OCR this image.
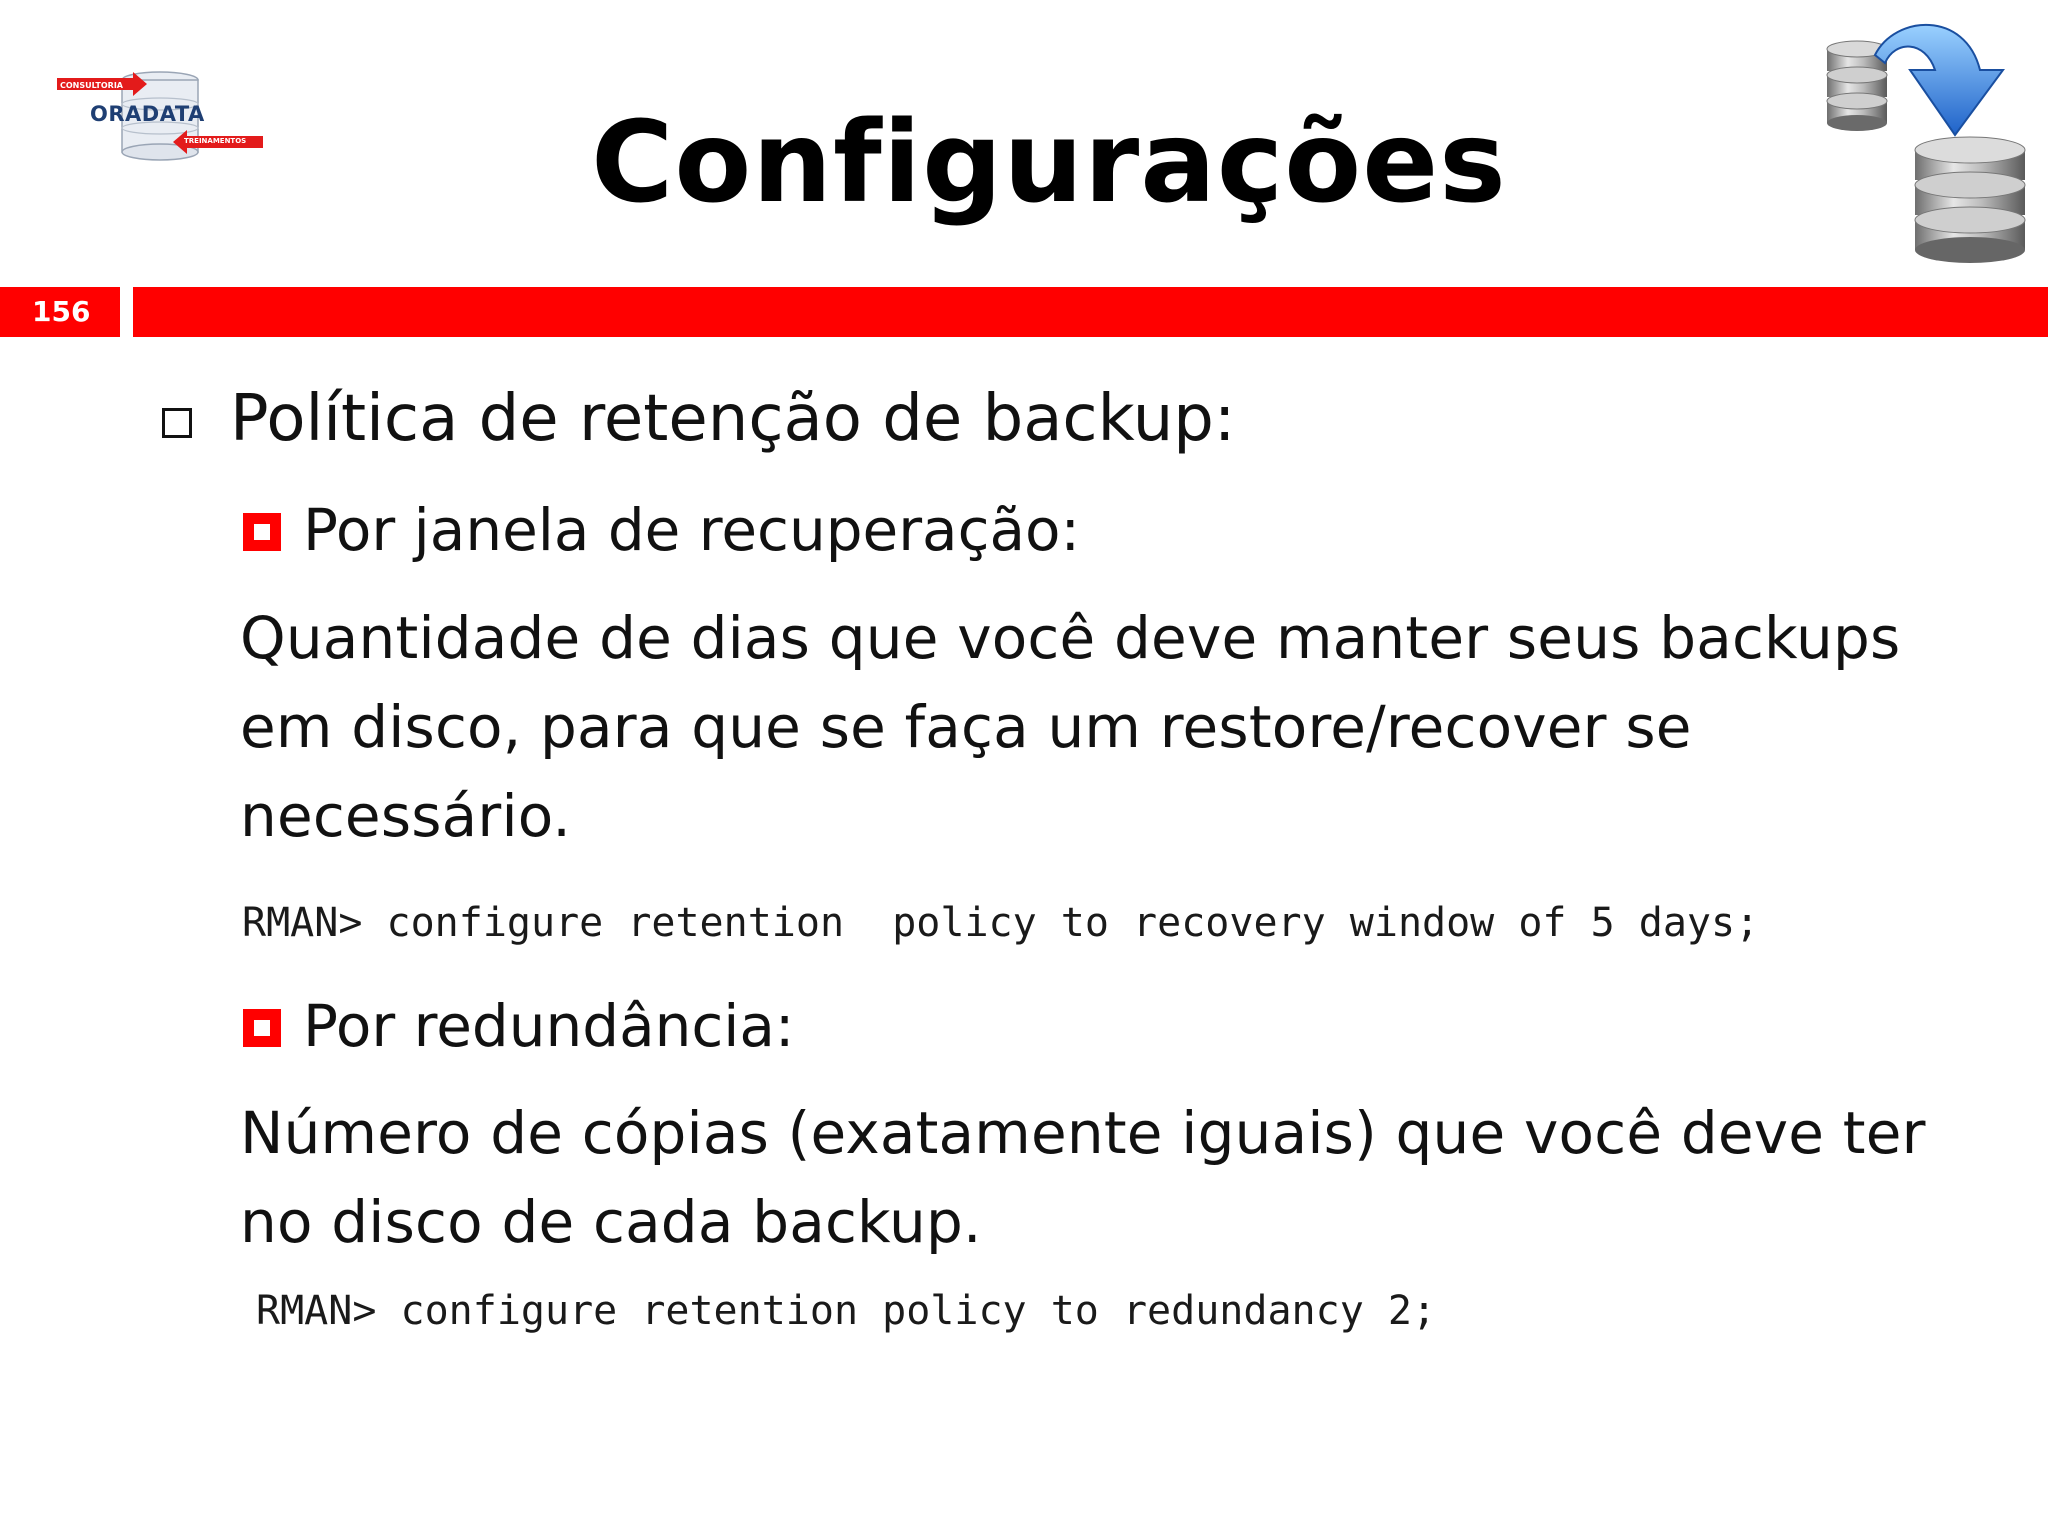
CONSULTORIA
ORADATA
TREINAMENTOS	Configurações
156
Política de retenção de backup:
Por janela de recuperação:
Quantidade de dias que você deve manter seus backups em disco, para que se faça um restore/recover se necessário.
RMAN> configure retention  policy to recovery window of 5 days;
Por redundância:
Número de cópias (exatamente iguais) que você deve ter no disco de cada backup.
RMAN> configure retention policy to redundancy 2;
